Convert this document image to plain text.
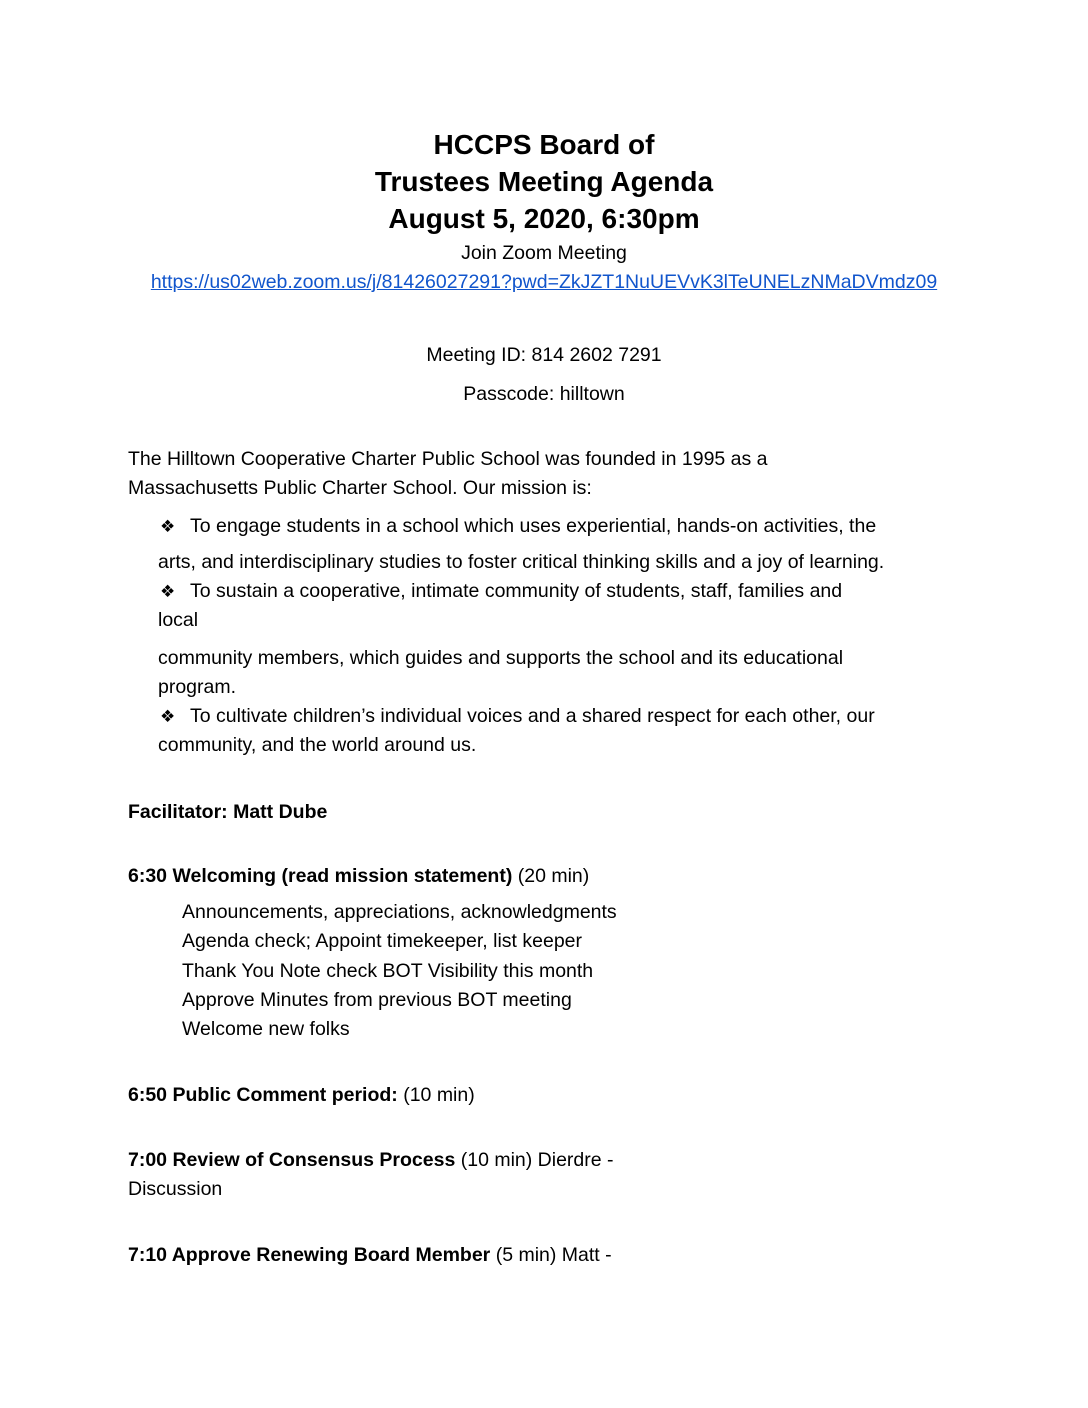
HCCPS Board of
Trustees Meeting Agenda
August 5, 2020, 6:30pm
Join Zoom Meeting
https://us02web.zoom.us/j/81426027291?pwd=ZkJZT1NuUEVvK3lTeUNELzNMaDVmdz09
Meeting ID: 814 2602 7291
Passcode: hilltown
The Hilltown Cooperative Charter Public School was founded in 1995 as a
Massachusetts Public Charter School. Our mission is:
❖ To engage students in a school which uses experiential, hands-on activities, the
arts, and interdisciplinary studies to foster critical thinking skills and a joy of learning.
❖ To sustain a cooperative, intimate community of students, staff, families and
local
community members, which guides and supports the school and its educational
program.
❖ To cultivate children’s individual voices and a shared respect for each other, our
community, and the world around us.
Facilitator: Matt Dube
6:30 Welcoming (read mission statement) (20 min)
Announcements, appreciations, acknowledgments
Agenda check; Appoint timekeeper, list keeper
Thank You Note check BOT Visibility this month
Approve Minutes from previous BOT meeting
Welcome new folks
6:50 Public Comment period: (10 min)
7:00 Review of Consensus Process (10 min) Dierdre -
Discussion
7:10 Approve Renewing Board Member (5 min) Matt -
